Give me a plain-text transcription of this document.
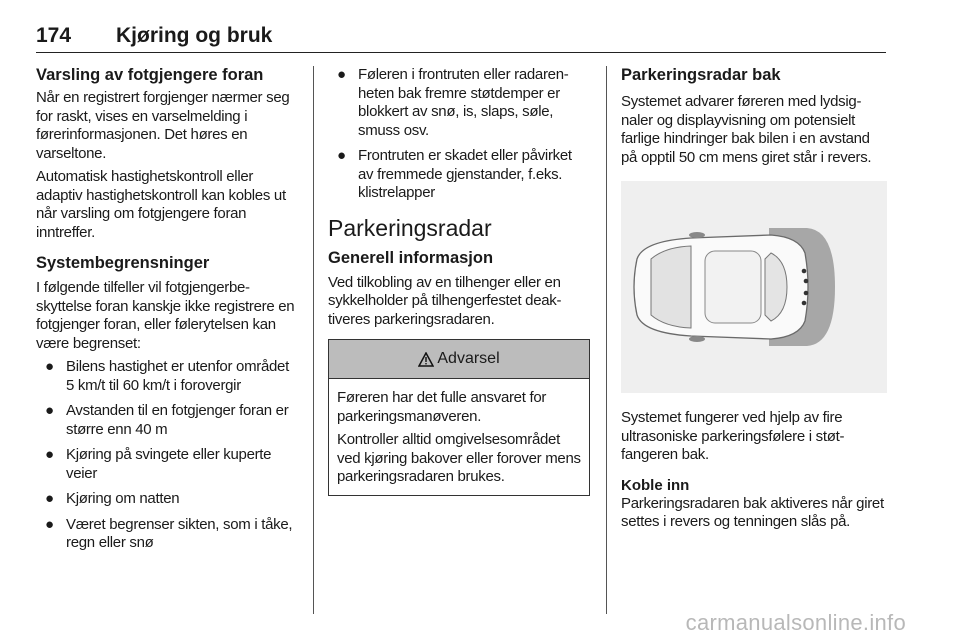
174 Kjøring og bruk
Varsling av fotgjengere foran

Når en registrert forgjenger nærmer seg for raskt, vises en varselmelding i førerinformasjonen. Det høres en varseltone.

Automatisk hastighetskontroll eller adaptiv hastighetskontroll kan kobles ut når varsling om fotgjengere foran inntreffer.

Systembegrensninger

I følgende tilfeller vil fotgjengerbeskyttelse foran kanskje ikke registrere en fotgjenger foran, eller følerytelsen kan være begrenset:

● Bilens hastighet er utenfor området 5 km/t til 60 km/t i forovergir
● Avstanden til en fotgjenger foran er større enn 40 m
● Kjøring på svingete eller kuperte veier
● Kjøring om natten
● Været begrenser sikten, som i tåke, regn eller snø
● Føleren i frontruten eller radarenheten bak fremre støtdemper er blokkert av snø, is, slaps, søle, smuss osv.
● Frontruten er skadet eller påvirket av fremmede gjenstander, f.eks. klistrelapper
Parkeringsradar
Generell informasjon

Ved tilkobling av en tilhenger eller en sykkelholder på tilhengerfestet deaktiveres parkeringsradaren.

Advarsel

Føreren har det fulle ansvaret for parkeringsmanøveren.

Kontroller alltid omgivelsesområdet ved kjøring bakover eller forover mens parkeringsradaren brukes.

Parkeringsradar bak

Systemet advarer føreren med lydsignaler og displayvisning om potensielt farlige hindringer bak bilen i en avstand på opptil 50 cm mens giret står i revers.

Systemet fungerer ved hjelp av fire ultrasoniske parkeringsfølere i støtfangeren bak.

Koble inn

Parkeringsradaren bak aktiveres når giret settes i revers og tenningen slås på.

carmanualsonline.info
